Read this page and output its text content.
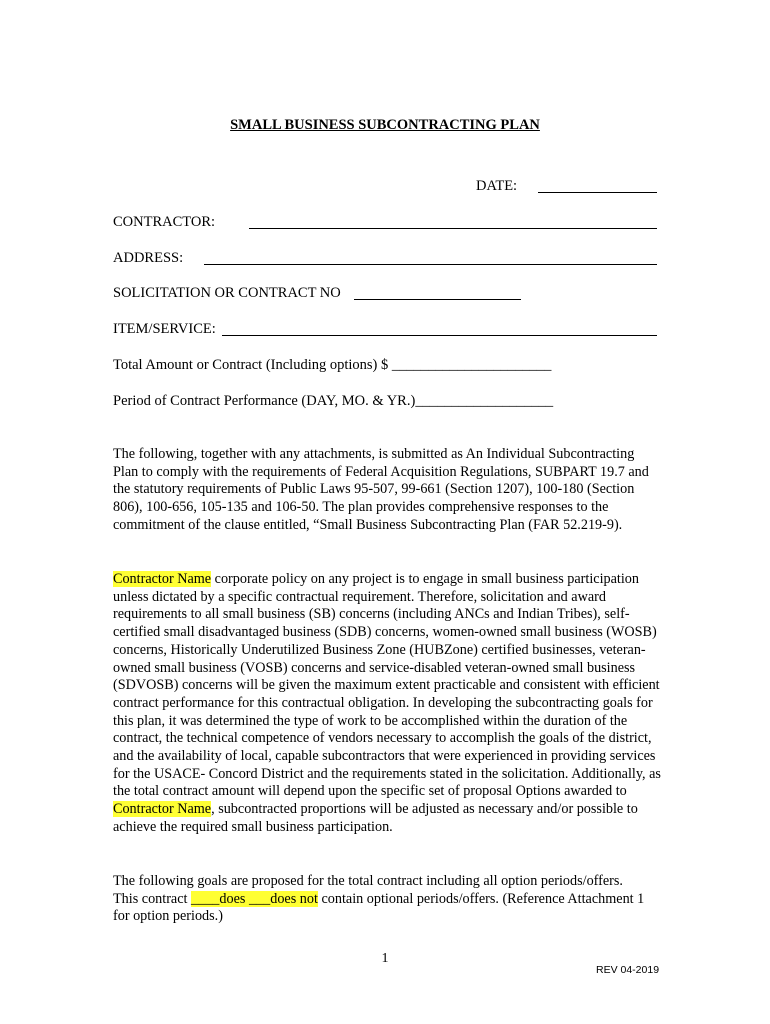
SMALL BUSINESS SUBCONTRACTING PLAN
DATE:
CONTRACTOR:
ADDRESS:
SOLICITATION OR CONTRACT NO
ITEM/SERVICE:
Total Amount or Contract (Including options) $ ______________________
Period of Contract Performance (DAY, MO. & YR.)___________________

The following, together with any attachments, is submitted as An Individual Subcontracting Plan to comply with the requirements of Federal Acquisition Regulations, SUBPART 19.7 and the statutory requirements of Public Laws 95-507, 99-661 (Section 1207), 100-180 (Section 806), 100-656, 105-135 and 106-50. The plan provides comprehensive responses to the commitment of the clause entitled, “Small Business Subcontracting Plan (FAR 52.219-9).

Contractor Name corporate policy on any project is to engage in small business participation unless dictated by a specific contractual requirement. Therefore, solicitation and award requirements to all small business (SB) concerns (including ANCs and Indian Tribes), self-certified small disadvantaged business (SDB) concerns, women-owned small business (WOSB) concerns, Historically Underutilized Business Zone (HUBZone) certified businesses, veteran-owned small business (VOSB) concerns and service-disabled veteran-owned small business (SDVOSB) concerns will be given the maximum extent practicable and consistent with efficient contract performance for this contractual obligation. In developing the subcontracting goals for this plan, it was determined the type of work to be accomplished within the duration of the contract, the technical competence of vendors necessary to accomplish the goals of the district, and the availability of local, capable subcontractors that were experienced in providing services for the USACE- Concord District and the requirements stated in the solicitation. Additionally, as the total contract amount will depend upon the specific set of proposal Options awarded to Contractor Name, subcontracted proportions will be adjusted as necessary and/or possible to achieve the required small business participation.

The following goals are proposed for the total contract including all option periods/offers.

This contract ____does ___does not contain optional periods/offers. (Reference Attachment 1 for option periods.)

1
REV 04-2019
